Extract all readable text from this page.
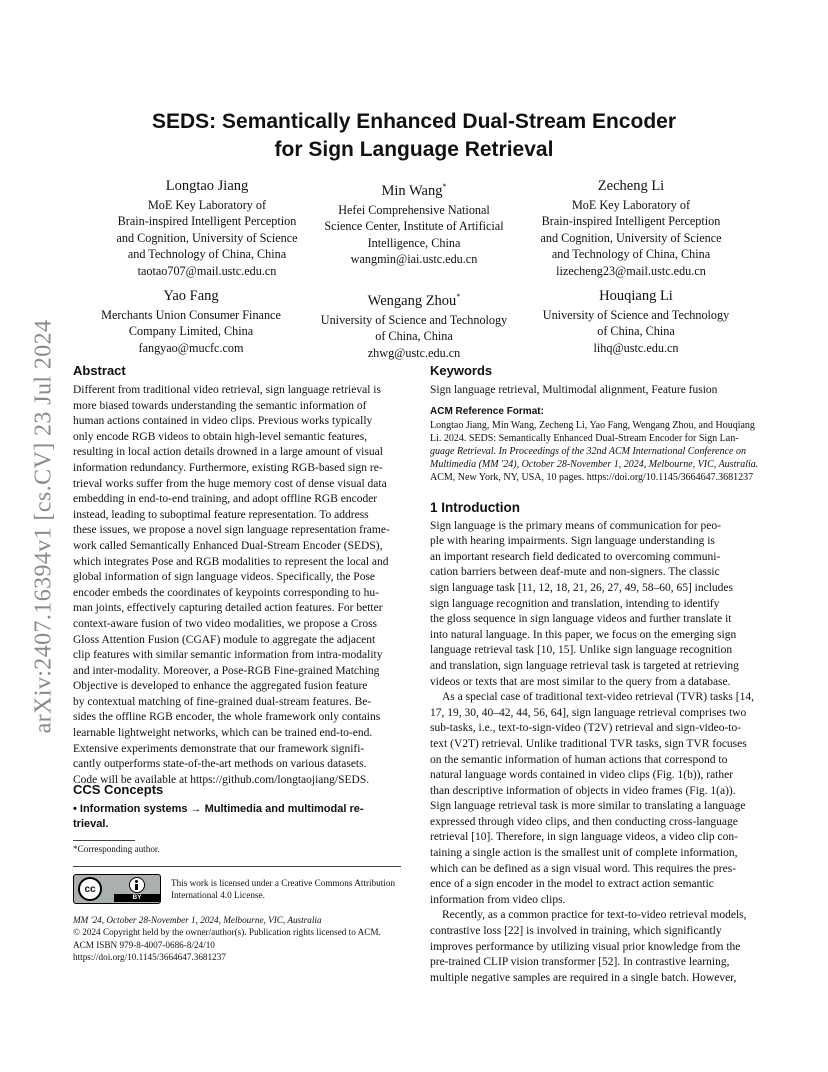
arXiv:2407.16394v1 [cs.CV] 23 Jul 2024
SEDS: Semantically Enhanced Dual-Stream Encoder
for Sign Language Retrieval
Longtao Jiang
MoE Key Laboratory of
Brain-inspired Intelligent Perception
and Cognition, University of Science
and Technology of China, China
taotao707@mail.ustc.edu.cn
Min Wang*
Hefei Comprehensive National
Science Center, Institute of Artificial
Intelligence, China
wangmin@iai.ustc.edu.cn
Zecheng Li
MoE Key Laboratory of
Brain-inspired Intelligent Perception
and Cognition, University of Science
and Technology of China, China
lizecheng23@mail.ustc.edu.cn
Yao Fang
Merchants Union Consumer Finance
Company Limited, China
fangyao@mucfc.com
Wengang Zhou*
University of Science and Technology
of China, China
zhwg@ustc.edu.cn
Houqiang Li
University of Science and Technology
of China, China
lihq@ustc.edu.cn
Abstract

Different from traditional video retrieval, sign language retrieval is
more biased towards understanding the semantic information of
human actions contained in video clips. Previous works typically
only encode RGB videos to obtain high-level semantic features,
resulting in local action details drowned in a large amount of visual
information redundancy. Furthermore, existing RGB-based sign re-
trieval works suffer from the huge memory cost of dense visual data
embedding in end-to-end training, and adopt offline RGB encoder
instead, leading to suboptimal feature representation. To address
these issues, we propose a novel sign language representation frame-
work called Semantically Enhanced Dual-Stream Encoder (SEDS),
which integrates Pose and RGB modalities to represent the local and
global information of sign language videos. Specifically, the Pose
encoder embeds the coordinates of keypoints corresponding to hu-
man joints, effectively capturing detailed action features. For better
context-aware fusion of two video modalities, we propose a Cross
Gloss Attention Fusion (CGAF) module to aggregate the adjacent
clip features with similar semantic information from intra-modality
and inter-modality. Moreover, a Pose-RGB Fine-grained Matching
Objective is developed to enhance the aggregated fusion feature
by contextual matching of fine-grained dual-stream features. Be-
sides the offline RGB encoder, the whole framework only contains
learnable lightweight networks, which can be trained end-to-end.
Extensive experiments demonstrate that our framework signifi-
cantly outperforms state-of-the-art methods on various datasets.
Code will be available at https://github.com/longtaojiang/SEDS.

CCS Concepts
• Information systems → Multimedia and multimodal re-
trieval.
*Corresponding author.
cc
BY
This work is licensed under a Creative Commons Attribution
International 4.0 License.
MM '24, October 28-November 1, 2024, Melbourne, VIC, Australia
© 2024 Copyright held by the owner/author(s). Publication rights licensed to ACM.
ACM ISBN 979-8-4007-0686-8/24/10
https://doi.org/10.1145/3664647.3681237
Keywords

Sign language retrieval, Multimodal alignment, Feature fusion

ACM Reference Format:
Longtao Jiang, Min Wang, Zecheng Li, Yao Fang, Wengang Zhou, and Houqiang
Li. 2024. SEDS: Semantically Enhanced Dual-Stream Encoder for Sign Lan-
guage Retrieval. In Proceedings of the 32nd ACM International Conference on
Multimedia (MM '24), October 28-November 1, 2024, Melbourne, VIC, Australia.
ACM, New York, NY, USA, 10 pages. https://doi.org/10.1145/3664647.3681237
1 Introduction

Sign language is the primary means of communication for peo-
ple with hearing impairments. Sign language understanding is
an important research field dedicated to overcoming communi-
cation barriers between deaf-mute and non-signers. The classic
sign language task [11, 12, 18, 21, 26, 27, 49, 58–60, 65] includes
sign language recognition and translation, intending to identify
the gloss sequence in sign language videos and further translate it
into natural language. In this paper, we focus on the emerging sign
language retrieval task [10, 15]. Unlike sign language recognition
and translation, sign language retrieval task is targeted at retrieving
videos or texts that are most similar to the query from a database.
As a special case of traditional text-video retrieval (TVR) tasks [14,
17, 19, 30, 40–42, 44, 56, 64], sign language retrieval comprises two
sub-tasks, i.e., text-to-sign-video (T2V) retrieval and sign-video-to-
text (V2T) retrieval. Unlike traditional TVR tasks, sign TVR focuses
on the semantic information of human actions that correspond to
natural language words contained in video clips (Fig. 1(b)), rather
than descriptive information of objects in video frames (Fig. 1(a)).
Sign language retrieval task is more similar to translating a language
expressed through video clips, and then conducting cross-language
retrieval [10]. Therefore, in sign language videos, a video clip con-
taining a single action is the smallest unit of complete information,
which can be defined as a sign visual word. This requires the pres-
ence of a sign encoder in the model to extract action semantic
information from video clips.
Recently, as a common practice for text-to-video retrieval models,
contrastive loss [22] is involved in training, which significantly
improves performance by utilizing visual prior knowledge from the
pre-trained CLIP vision transformer [52]. In contrastive learning,
multiple negative samples are required in a single batch. However,
